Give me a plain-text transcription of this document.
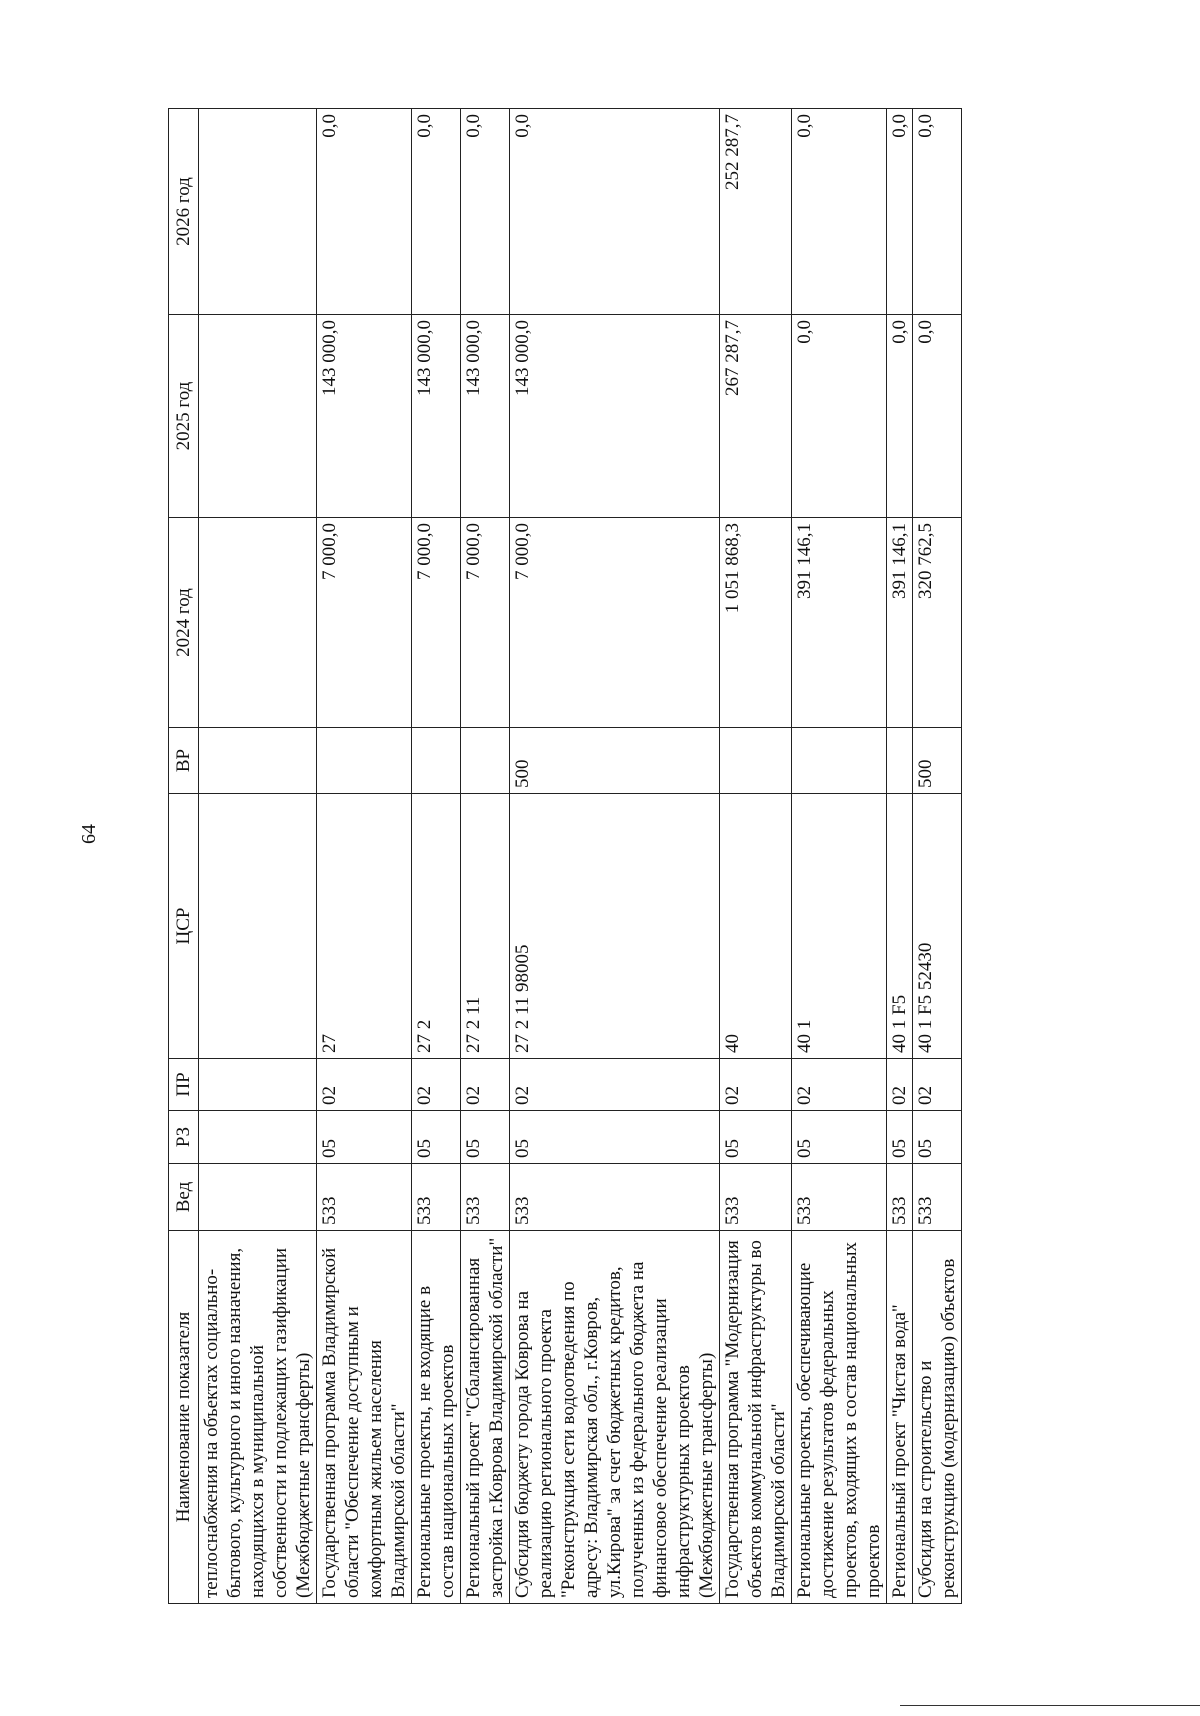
64
Наименование показателя	Вед	РЗ	ПР	ЦСР	ВР	2024 год	2025 год	2026 год
теплоснабжения на объектах социально-бытового, культурного и иного назначения, находящихся в муниципальной собственности и подлежащих газификации (Межбюджетные трансферты)								
Государственная программа Владимирской области "Обеспечение доступным и комфортным жильем населения Владимирской области"	533	05	02	27		7 000,0	143 000,0	0,0
Региональные проекты, не входящие в состав национальных проектов	533	05	02	27 2		7 000,0	143 000,0	0,0
Региональный проект "Сбалансированная застройка г.Коврова Владимирской области"	533	05	02	27 2 11		7 000,0	143 000,0	0,0
Субсидия бюджету города Коврова на реализацию регионального проекта "Реконструкция сети водоотведения по адресу: Владимирская обл., г.Ковров, ул.Кирова" за счет бюджетных кредитов, полученных из федерального бюджета на финансовое обеспечение реализации инфраструктурных проектов (Межбюджетные трансферты)	533	05	02	27 2 11 98005	500	7 000,0	143 000,0	0,0
Государственная программа "Модернизация объектов коммунальной инфраструктуры во Владимирской области"	533	05	02	40		1 051 868,3	267 287,7	252 287,7
Региональные проекты, обеспечивающие достижение результатов федеральных проектов, входящих в состав национальных проектов	533	05	02	40 1		391 146,1	0,0	0,0
Региональный проект "Чистая вода"	533	05	02	40 1 F5		391 146,1	0,0	0,0
Субсидия на строительство и реконструкцию (модернизацию) объектов	533	05	02	40 1 F5 52430	500	320 762,5	0,0	0,0
